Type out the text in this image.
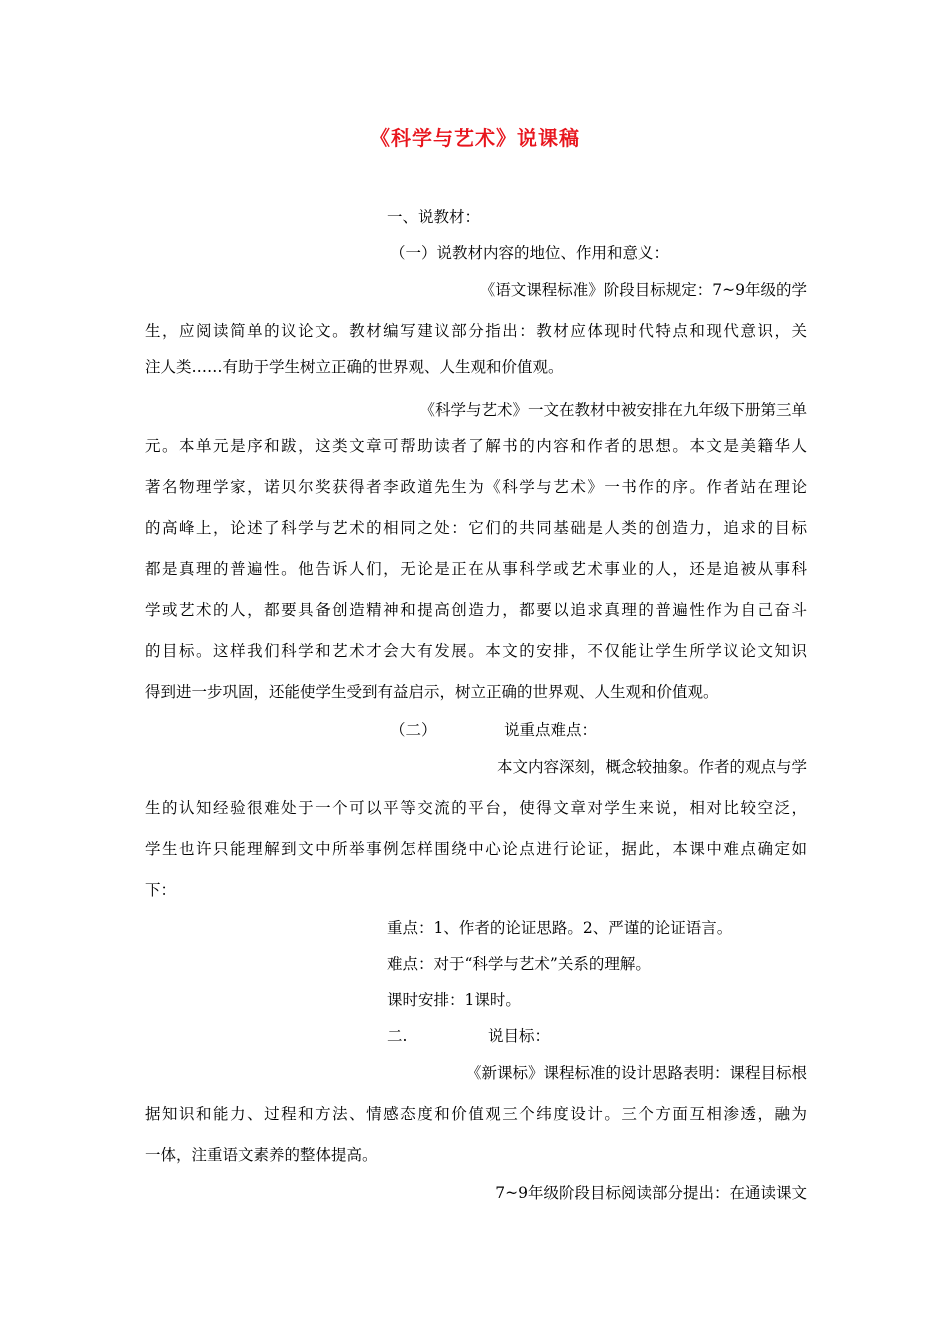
《科学与艺术》说课稿
一、说教材：
（一）说教材内容的地位、作用和意义：
《语文课程标准》阶段目标规定：7~9年级的学
生，应阅读简单的议论文。教材编写建议部分指出：教材应体现时代特点和现代意识，关
注人类……有助于学生树立正确的世界观、人生观和价值观。
《科学与艺术》一文在教材中被安排在九年级下册第三单
元。本单元是序和跋，这类文章可帮助读者了解书的内容和作者的思想。本文是美籍华人
著名物理学家，诺贝尔奖获得者李政道先生为《科学与艺术》一书作的序。作者站在理论
的高峰上，论述了科学与艺术的相同之处：它们的共同基础是人类的创造力，追求的目标
都是真理的普遍性。他告诉人们，无论是正在从事科学或艺术事业的人，还是追被从事科
学或艺术的人，都要具备创造精神和提高创造力，都要以追求真理的普遍性作为自己奋斗
的目标。这样我们科学和艺术才会大有发展。本文的安排，不仅能让学生所学议论文知识
得到进一步巩固，还能使学生受到有益启示，树立正确的世界观、人生观和价值观。
（二）	说重点难点：
本文内容深刻，概念较抽象。作者的观点与学
生的认知经验很难处于一个可以平等交流的平台，使得文章对学生来说，相对比较空泛，
学生也许只能理解到文中所举事例怎样围绕中心论点进行论证，据此，本课中难点确定如
下：
重点：1、作者的论证思路。2、严谨的论证语言。
难点：对于“科学与艺术”关系的理解。
课时安排：1课时。
二.	说目标：
《新课标》课程标准的设计思路表明：课程目标根
据知识和能力、过程和方法、情感态度和价值观三个纬度设计。三个方面互相渗透，融为
一体，注重语文素养的整体提高。
7~9年级阶段目标阅读部分提出：在通读课文
